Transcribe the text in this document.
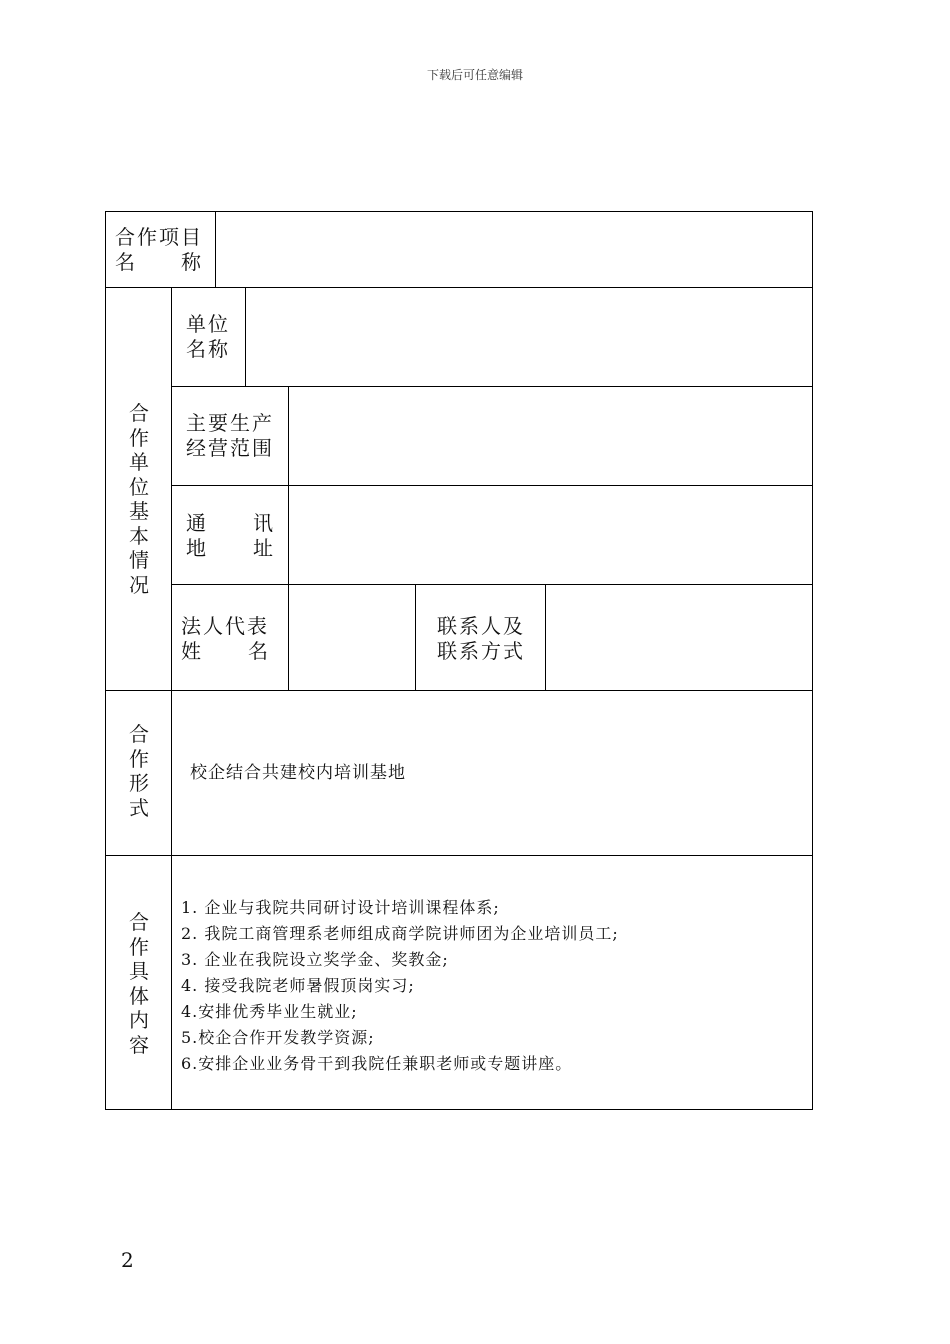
下载后可任意编辑
合作项目
名 称
合
作
单
位
基
本
情
况
单位
名称
主要生产
经营范围
通 讯
地 址
法人代表
姓 名
联系人及
联系方式
合
作
形
式
校企结合共建校内培训基地
合
作
具
体
内
容
1. 企业与我院共同研讨设计培训课程体系;
2. 我院工商管理系老师组成商学院讲师团为企业培训员工;
3. 企业在我院设立奖学金、奖教金;
4. 接受我院老师暑假顶岗实习;
4.安排优秀毕业生就业;
5.校企合作开发教学资源;
6.安排企业业务骨干到我院任兼职老师或专题讲座。
2
